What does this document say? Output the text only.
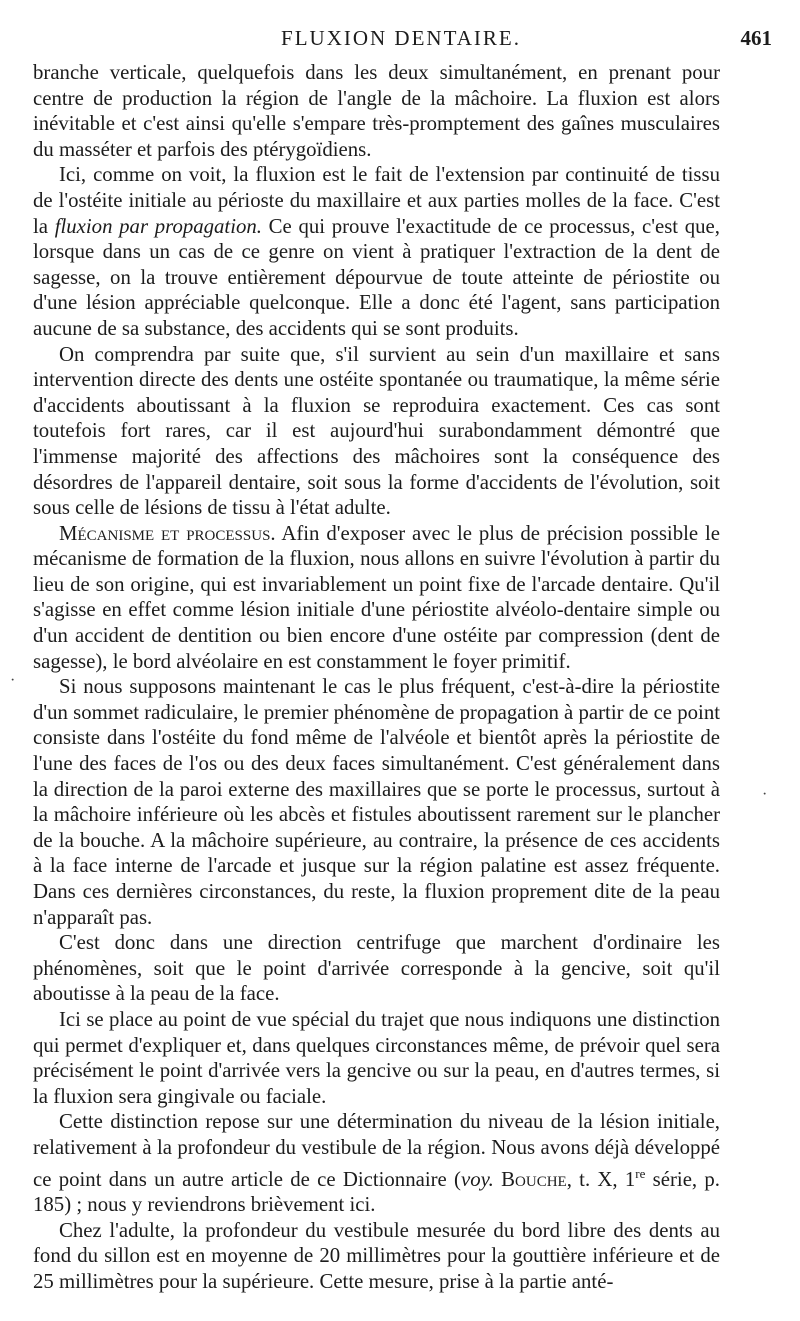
FLUXION DENTAIRE.	461

branche verticale, quelquefois dans les deux simultanément, en prenant pour centre de production la région de l'angle de la mâchoire. La fluxion est alors inévitable et c'est ainsi qu'elle s'empare très-promptement des gaînes musculaires du masséter et parfois des ptérygoïdiens.

Ici, comme on voit, la fluxion est le fait de l'extension par continuité de tissu de l'ostéite initiale au périoste du maxillaire et aux parties molles de la face. C'est la fluxion par propagation. Ce qui prouve l'exactitude de ce processus, c'est que, lorsque dans un cas de ce genre on vient à pratiquer l'extraction de la dent de sagesse, on la trouve entièrement dépourvue de toute atteinte de périostite ou d'une lésion appréciable quelconque. Elle a donc été l'agent, sans participation aucune de sa substance, des accidents qui se sont produits.

On comprendra par suite que, s'il survient au sein d'un maxillaire et sans intervention directe des dents une ostéite spontanée ou traumatique, la même série d'accidents aboutissant à la fluxion se reproduira exactement. Ces cas sont toutefois fort rares, car il est aujourd'hui surabondamment démontré que l'immense majorité des affections des mâchoires sont la conséquence des désordres de l'appareil dentaire, soit sous la forme d'accidents de l'évolution, soit sous celle de lésions de tissu à l'état adulte.

Mécanisme et processus. Afin d'exposer avec le plus de précision possible le mécanisme de formation de la fluxion, nous allons en suivre l'évolution à partir du lieu de son origine, qui est invariablement un point fixe de l'arcade dentaire. Qu'il s'agisse en effet comme lésion initiale d'une périostite alvéolo-dentaire simple ou d'un accident de dentition ou bien encore d'une ostéite par compression (dent de sagesse), le bord alvéolaire en est constamment le foyer primitif.

Si nous supposons maintenant le cas le plus fréquent, c'est-à-dire la périostite d'un sommet radiculaire, le premier phénomène de propagation à partir de ce point consiste dans l'ostéite du fond même de l'alvéole et bientôt après la périostite de l'une des faces de l'os ou des deux faces simultanément. C'est généralement dans la direction de la paroi externe des maxillaires que se porte le processus, surtout à la mâchoire inférieure où les abcès et fistules aboutissent rarement sur le plancher de la bouche. A la mâchoire supérieure, au contraire, la présence de ces accidents à la face interne de l'arcade et jusque sur la région palatine est assez fréquente. Dans ces dernières circonstances, du reste, la fluxion proprement dite de la peau n'apparaît pas.

C'est donc dans une direction centrifuge que marchent d'ordinaire les phénomènes, soit que le point d'arrivée corresponde à la gencive, soit qu'il aboutisse à la peau de la face.

Ici se place au point de vue spécial du trajet que nous indiquons une distinction qui permet d'expliquer et, dans quelques circonstances même, de prévoir quel sera précisément le point d'arrivée vers la gencive ou sur la peau, en d'autres termes, si la fluxion sera gingivale ou faciale.

Cette distinction repose sur une détermination du niveau de la lésion initiale, relativement à la profondeur du vestibule de la région. Nous avons déjà développé ce point dans un autre article de ce Dictionnaire (voy. Bouche, t. X, 1re série, p. 185) ; nous y reviendrons brièvement ici.

Chez l'adulte, la profondeur du vestibule mesurée du bord libre des dents au fond du sillon est en moyenne de 20 millimètres pour la gouttière inférieure et de 25 millimètres pour la supérieure. Cette mesure, prise à la partie anté-

·
·
